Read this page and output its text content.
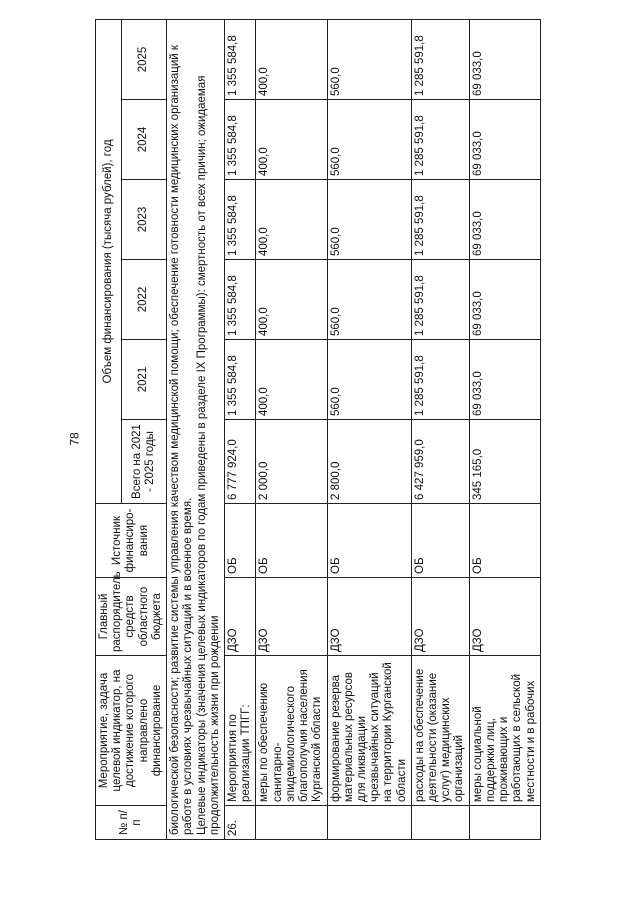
78
№ п/п	Мероприятие, задача целевой индикатор, на достижение которого направлено финансирование	Главный распорядитель средств областного бюджета	Источник финансиро-вания	Объем финансирования (тысяча рублей), год					
				Всего на 2021 - 2025 годы	2021	2022	2023	2024	2025

биологической безопасности; развитие системы управления качеством медицинской помощи; обеспечение готовности медицинских организаций к работе в условиях чрезвычайных ситуаций и в военное время. Целевые индикаторы (значения целевых индикаторов по годам приведены в разделе IX Программы): смертность от всех причин; ожидаемая продолжительность жизни при рождении									

26.	Мероприятия по реализации ТПГГ:	ДЗО	ОБ	6 777 924,0	1 355 584,8	1 355 584,8	1 355 584,8	1 355 584,8	1 355 584,8
	меры по обеспечению санитарно-эпидемиологического благополучия населения Курганской области	ДЗО	ОБ	2 000,0	400,0	400,0	400,0	400,0	400,0
	формирование резерва материальных ресурсов для ликвидации чрезвычайных ситуаций на территории Курганской области	ДЗО	ОБ	2 800,0	560,0	560,0	560,0	560,0	560,0
	расходы на обеспечение деятельности (оказание услуг) медицинских организаций	ДЗО	ОБ	6 427 959,0	1 285 591,8	1 285 591,8	1 285 591,8	1 285 591,8	1 285 591,8
	меры социальной поддержки лиц, проживающих и работающих в сельской местности и в рабочих	ДЗО	ОБ	345 165,0	69 033,0	69 033,0	69 033,0	69 033,0	69 033,0
